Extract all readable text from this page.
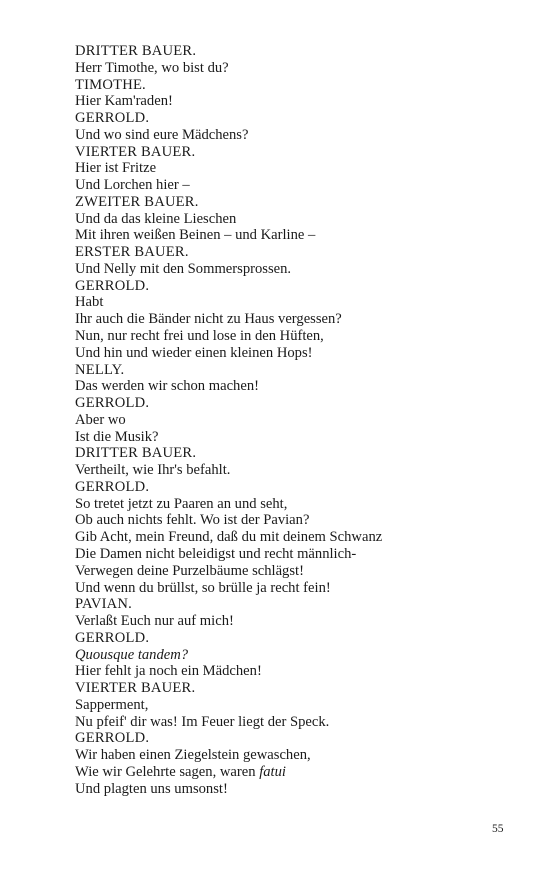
DRITTER BAUER.
Herr Timothe, wo bist du?
TIMOTHE.
Hier Kam'raden!
GERROLD.
Und wo sind eure Mädchens?
VIERTER BAUER.
Hier ist Fritze
Und Lorchen hier –
ZWEITER BAUER.
Und da das kleine Lieschen
Mit ihren weißen Beinen – und Karline –
ERSTER BAUER.
Und Nelly mit den Sommersprossen.
GERROLD.
Habt
Ihr auch die Bänder nicht zu Haus vergessen?
Nun, nur recht frei und lose in den Hüften,
Und hin und wieder einen kleinen Hops!
NELLY.
Das werden wir schon machen!
GERROLD.
Aber wo
Ist die Musik?
DRITTER BAUER.
Vertheilt, wie Ihr's befahlt.
GERROLD.
So tretet jetzt zu Paaren an und seht,
Ob auch nichts fehlt. Wo ist der Pavian?
Gib Acht, mein Freund, daß du mit deinem Schwanz
Die Damen nicht beleidigst und recht männlich-
Verwegen deine Purzelbäume schlägst!
Und wenn du brüllst, so brülle ja recht fein!
PAVIAN.
Verlaßt Euch nur auf mich!
GERROLD.
Quousque tandem?
Hier fehlt ja noch ein Mädchen!
VIERTER BAUER.
Sapperment,
Nu pfeif' dir was! Im Feuer liegt der Speck.
GERROLD.
Wir haben einen Ziegelstein gewaschen,
Wie wir Gelehrte sagen, waren fatui
Und plagten uns umsonst!
55
